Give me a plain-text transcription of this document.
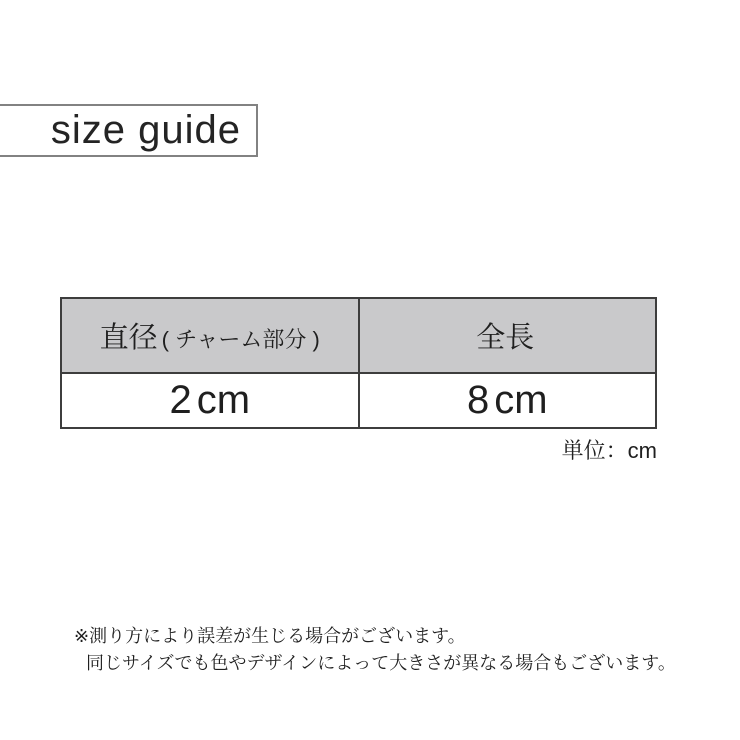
size guide
直径 ( チャーム部分 )	全長
2 cm	8 cm
単位：cm
※測り方により誤差が生じる場合がございます。
同じサイズでも色やデザインによって大きさが異なる場合もございます。
